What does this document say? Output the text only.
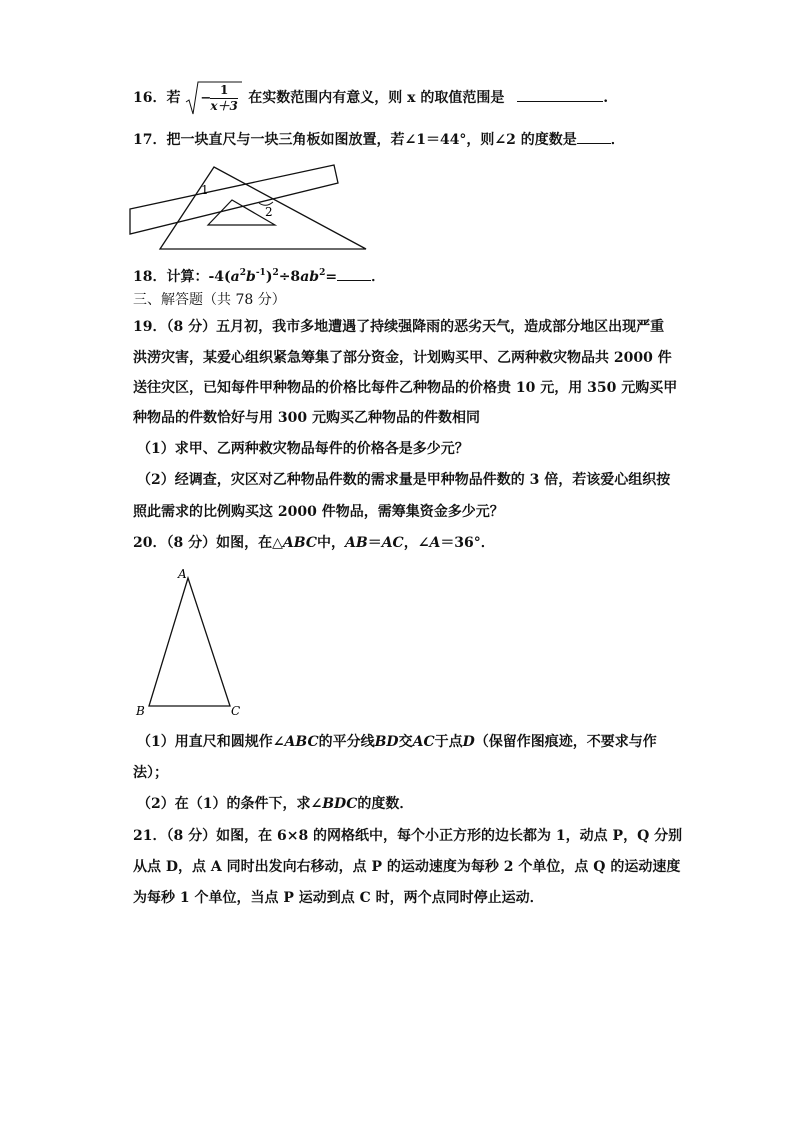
16．若 − $\frac{1}{x+3}$ 在实数范围内有意义，则 x 的取值范围是	.
17．把一块直尺与一块三角板如图放置，若∠1＝44°，则∠2 的度数是 ．
1
2
18．计算：$-4(a^2b^{-1})^2\div 8ab^2=$ ．
三、解答题（共 78 分）
19．（8 分）五月初，我市多地遭遇了持续强降雨的恶劣天气，造成部分地区出现严重
洪涝灾害，某爱心组织紧急筹集了部分资金，计划购买甲、乙两种救灾物品共 2000 件
送往灾区，已知每件甲种物品的价格比每件乙种物品的价格贵 10 元，用 350 元购买甲
种物品的件数恰好与用 300 元购买乙种物品的件数相同
（1）求甲、乙两种救灾物品每件的价格各是多少元？
（2）经调查，灾区对乙种物品件数的需求量是甲种物品件数的 3 倍，若该爱心组织按
照此需求的比例购买这 2000 件物品，需筹集资金多少元？
20．（8 分）如图，在△ABC中，AB＝AC，∠A＝36°．
A
B	C
（1）用直尺和圆规作∠ABC的平分线BD交AC于点D（保留作图痕迹，不要求与作
法）；
（2）在（1）的条件下，求∠BDC的度数．
21．（8 分）如图，在 6×8 的网格纸中，每个小正方形的边长都为 1，动点 P，Q 分别
从点 D，点 A 同时出发向右移动，点 P 的运动速度为每秒 2 个单位，点 Q 的运动速度
为每秒 1 个单位，当点 P 运动到点 C 时，两个点同时停止运动．
